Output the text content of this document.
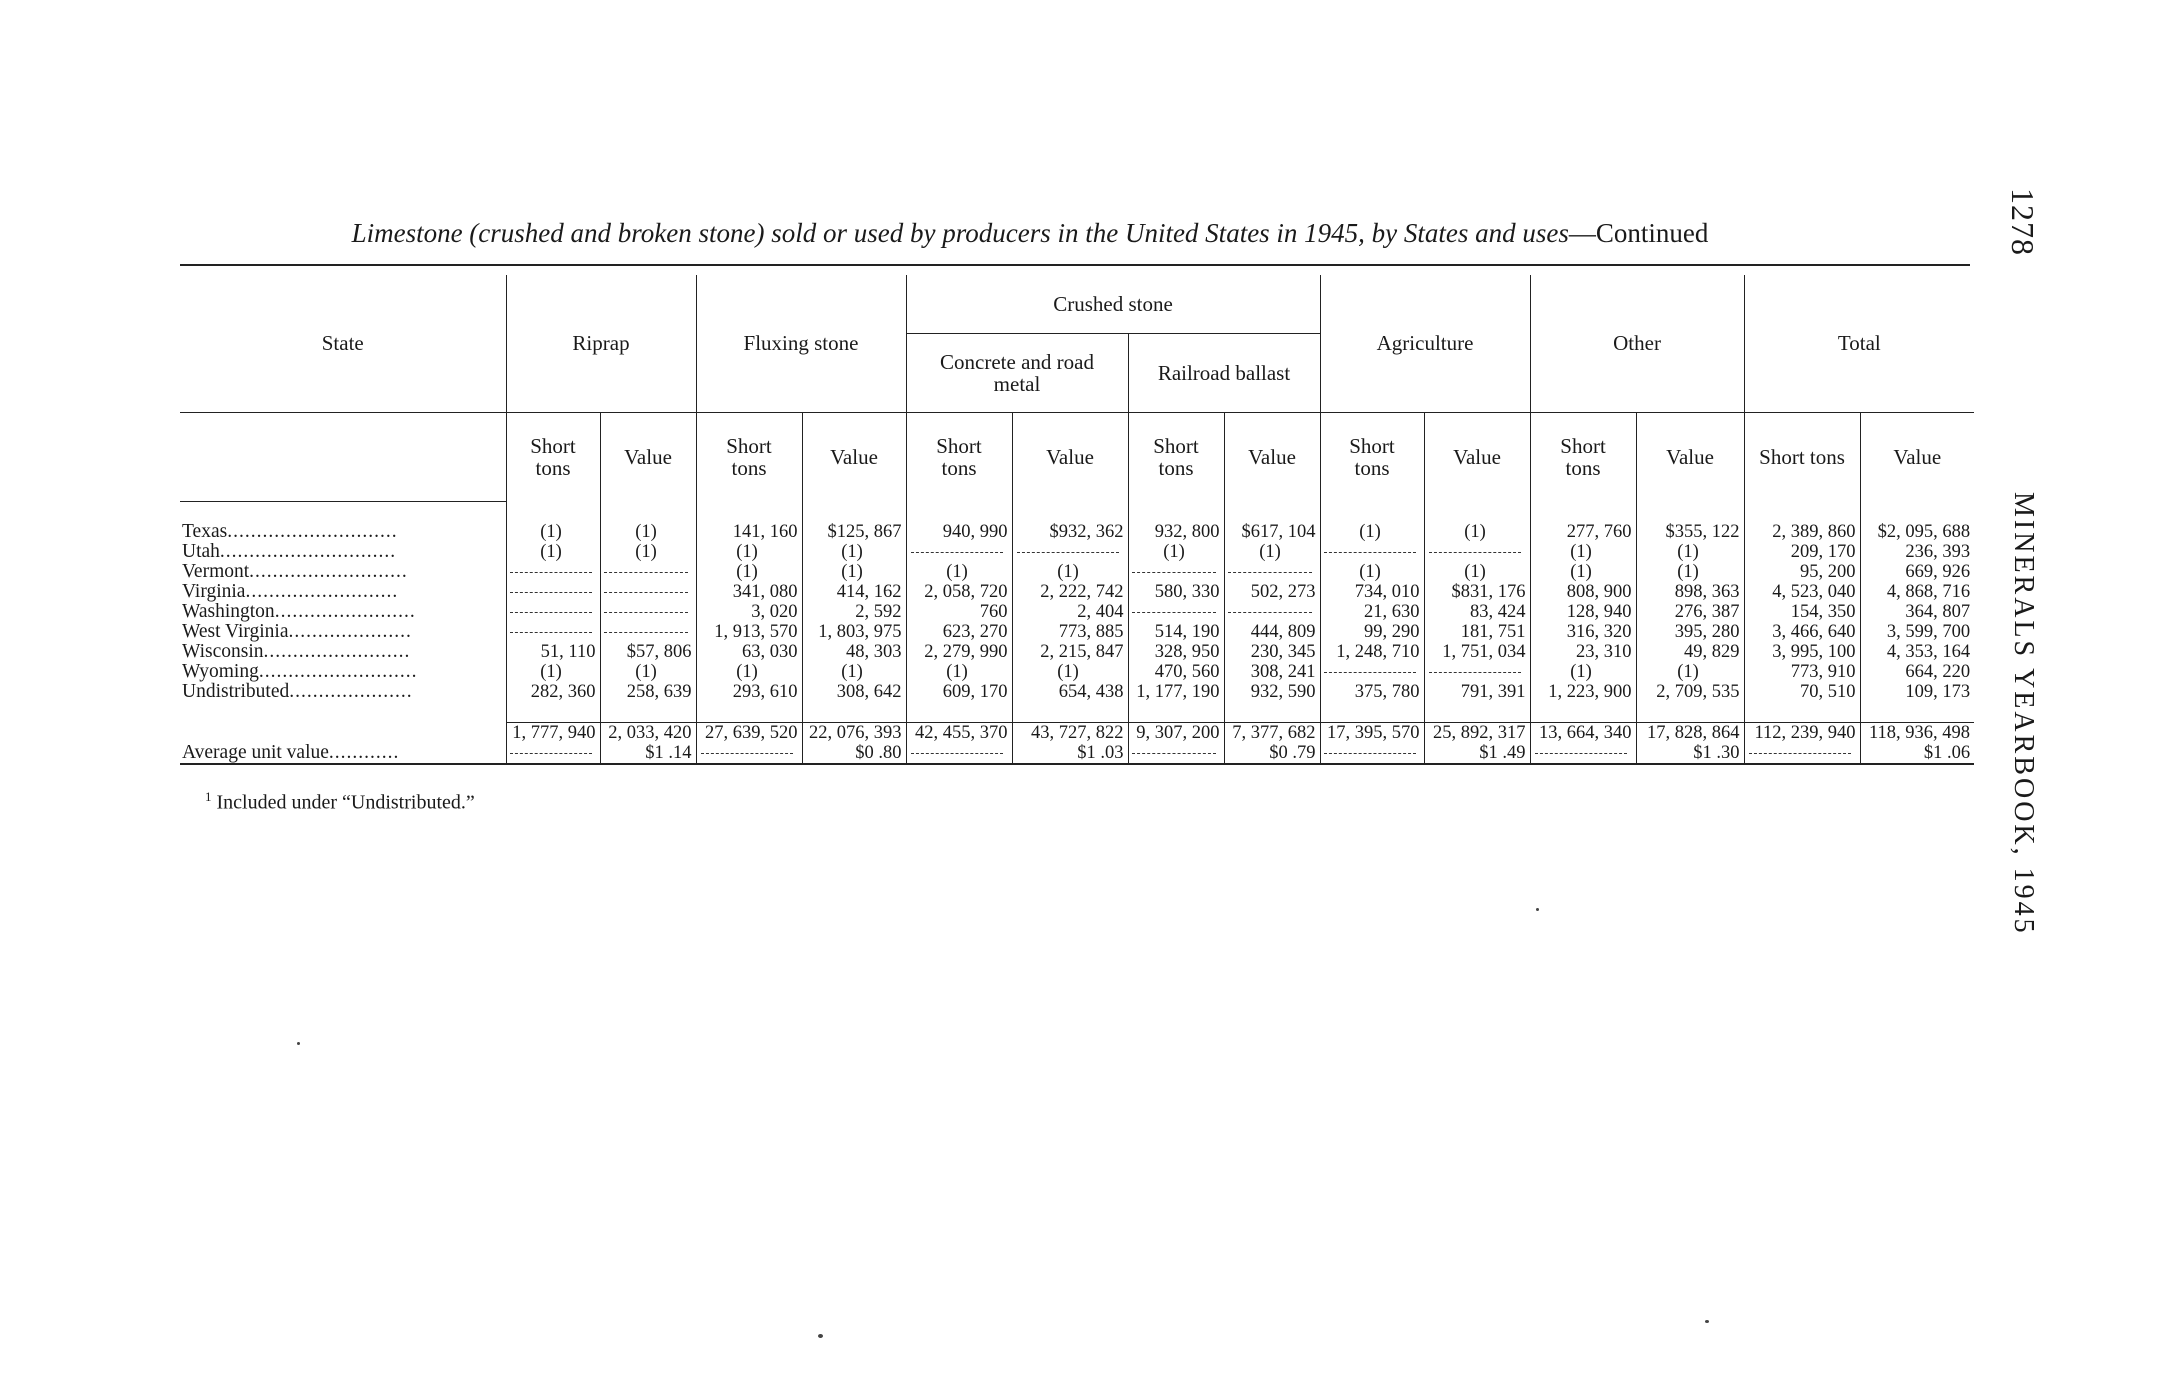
Limestone (crushed and broken stone) sold or used by producers in the United States in 1945, by States and uses—Continued
State	Riprap		Fluxing stone		Crushed stone				Agriculture		Other		Total	
					Concrete and road metal		Railroad ballast							
	Short tons	Value	Short tons	Value	Short tons	Value	Short tons	Value	Short tons	Value	Short tons	Value	Short tons	Value

Texas.............................	(1)	(1)	141, 160	$125, 867	940, 990	$932, 362	932, 800	$617, 104	(1)	(1)	277, 760	$355, 122	2, 389, 860	$2, 095, 688
Utah..............................	(1)	(1)	(1)	(1)			(1)	(1)			(1)	(1)	209, 170	236, 393
Vermont...........................			(1)	(1)	(1)	(1)			(1)	(1)	(1)	(1)	95, 200	669, 926
Virginia..........................			341, 080	414, 162	2, 058, 720	2, 222, 742	580, 330	502, 273	734, 010	$831, 176	808, 900	898, 363	4, 523, 040	4, 868, 716
Washington........................			3, 020	2, 592	760	2, 404			21, 630	83, 424	128, 940	276, 387	154, 350	364, 807
West Virginia.....................			1, 913, 570	1, 803, 975	623, 270	773, 885	514, 190	444, 809	99, 290	181, 751	316, 320	395, 280	3, 466, 640	3, 599, 700
Wisconsin.........................	51, 110	$57, 806	63, 030	48, 303	2, 279, 990	2, 215, 847	328, 950	230, 345	1, 248, 710	1, 751, 034	23, 310	49, 829	3, 995, 100	4, 353, 164
Wyoming...........................	(1)	(1)	(1)	(1)	(1)	(1)	470, 560	308, 241			(1)	(1)	773, 910	664, 220
Undistributed.....................	282, 360	258, 639	293, 610	308, 642	609, 170	654, 438	1, 177, 190	932, 590	375, 780	791, 391	1, 223, 900	2, 709, 535	70, 510	109, 173

	1, 777, 940	2, 033, 420	27, 639, 520	22, 076, 393	42, 455, 370	43, 727, 822	9, 307, 200	7, 377, 682	17, 395, 570	25, 892, 317	13, 664, 340	17, 828, 864	112, 239, 940	118, 936, 498
Average unit value............		$1 .14		$0 .80		$1 .03		$0 .79		$1 .49		$1 .30		$1 .06

$^1$ Included under “Undistributed.”
1278
MINERALS YEARBOOK, 1945
